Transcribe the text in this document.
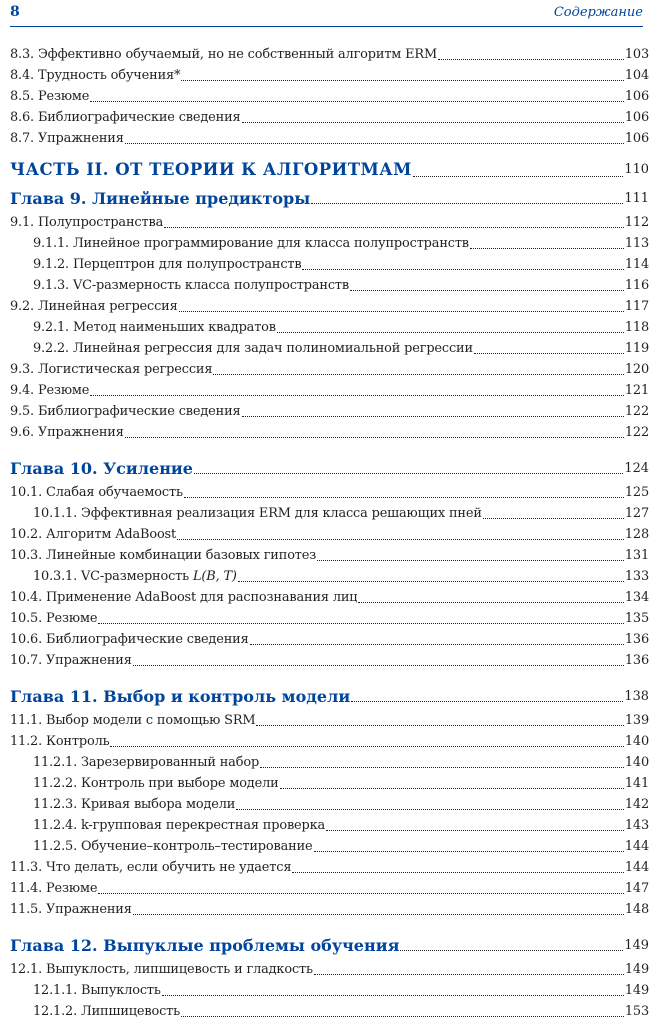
8	Содержание
8.3. Эффективно обучаемый, но не собственный алгоритм ERM	103
8.4. Трудность обучения*	104
8.5. Резюме	106
8.6. Библиографические сведения	106
8.7. Упражнения	106
ЧАСТЬ II. ОТ ТЕОРИИ К АЛГОРИТМАМ	110
Глава 9. Линейные предикторы	111
9.1. Полупространства	112
9.1.1. Линейное программирование для класса полупространств	113
9.1.2. Перцептрон для полупространств	114
9.1.3. VC-размерность класса полупространств	116
9.2. Линейная регрессия	117
9.2.1. Метод наименьших квадратов	118
9.2.2. Линейная регрессия для задач полиномиальной регрессии	119
9.3. Логистическая регрессия	120
9.4. Резюме	121
9.5. Библиографические сведения	122
9.6. Упражнения	122
Глава 10. Усиление	124
10.1. Слабая обучаемость	125
10.1.1. Эффективная реализация ERM для класса решающих пней	127
10.2. Алгоритм AdaBoost	128
10.3. Линейные комбинации базовых гипотез	131
10.3.1. VC-размерность L(B, T)	133
10.4. Применение AdaBoost для распознавания лиц	134
10.5. Резюме	135
10.6. Библиографические сведения	136
10.7. Упражнения	136
Глава 11. Выбор и контроль модели	138
11.1. Выбор модели с помощью SRM	139
11.2. Контроль	140
11.2.1. Зарезервированный набор	140
11.2.2. Контроль при выборе модели	141
11.2.3. Кривая выбора модели	142
11.2.4. k-групповая перекрестная проверка	143
11.2.5. Обучение–контроль–тестирование	144
11.3. Что делать, если обучить не удается	144
11.4. Резюме	147
11.5. Упражнения	148
Глава 12. Выпуклые проблемы обучения	149
12.1. Выпуклость, липшицевость и гладкость	149
12.1.1. Выпуклость	149
12.1.2. Липшицевость	153
